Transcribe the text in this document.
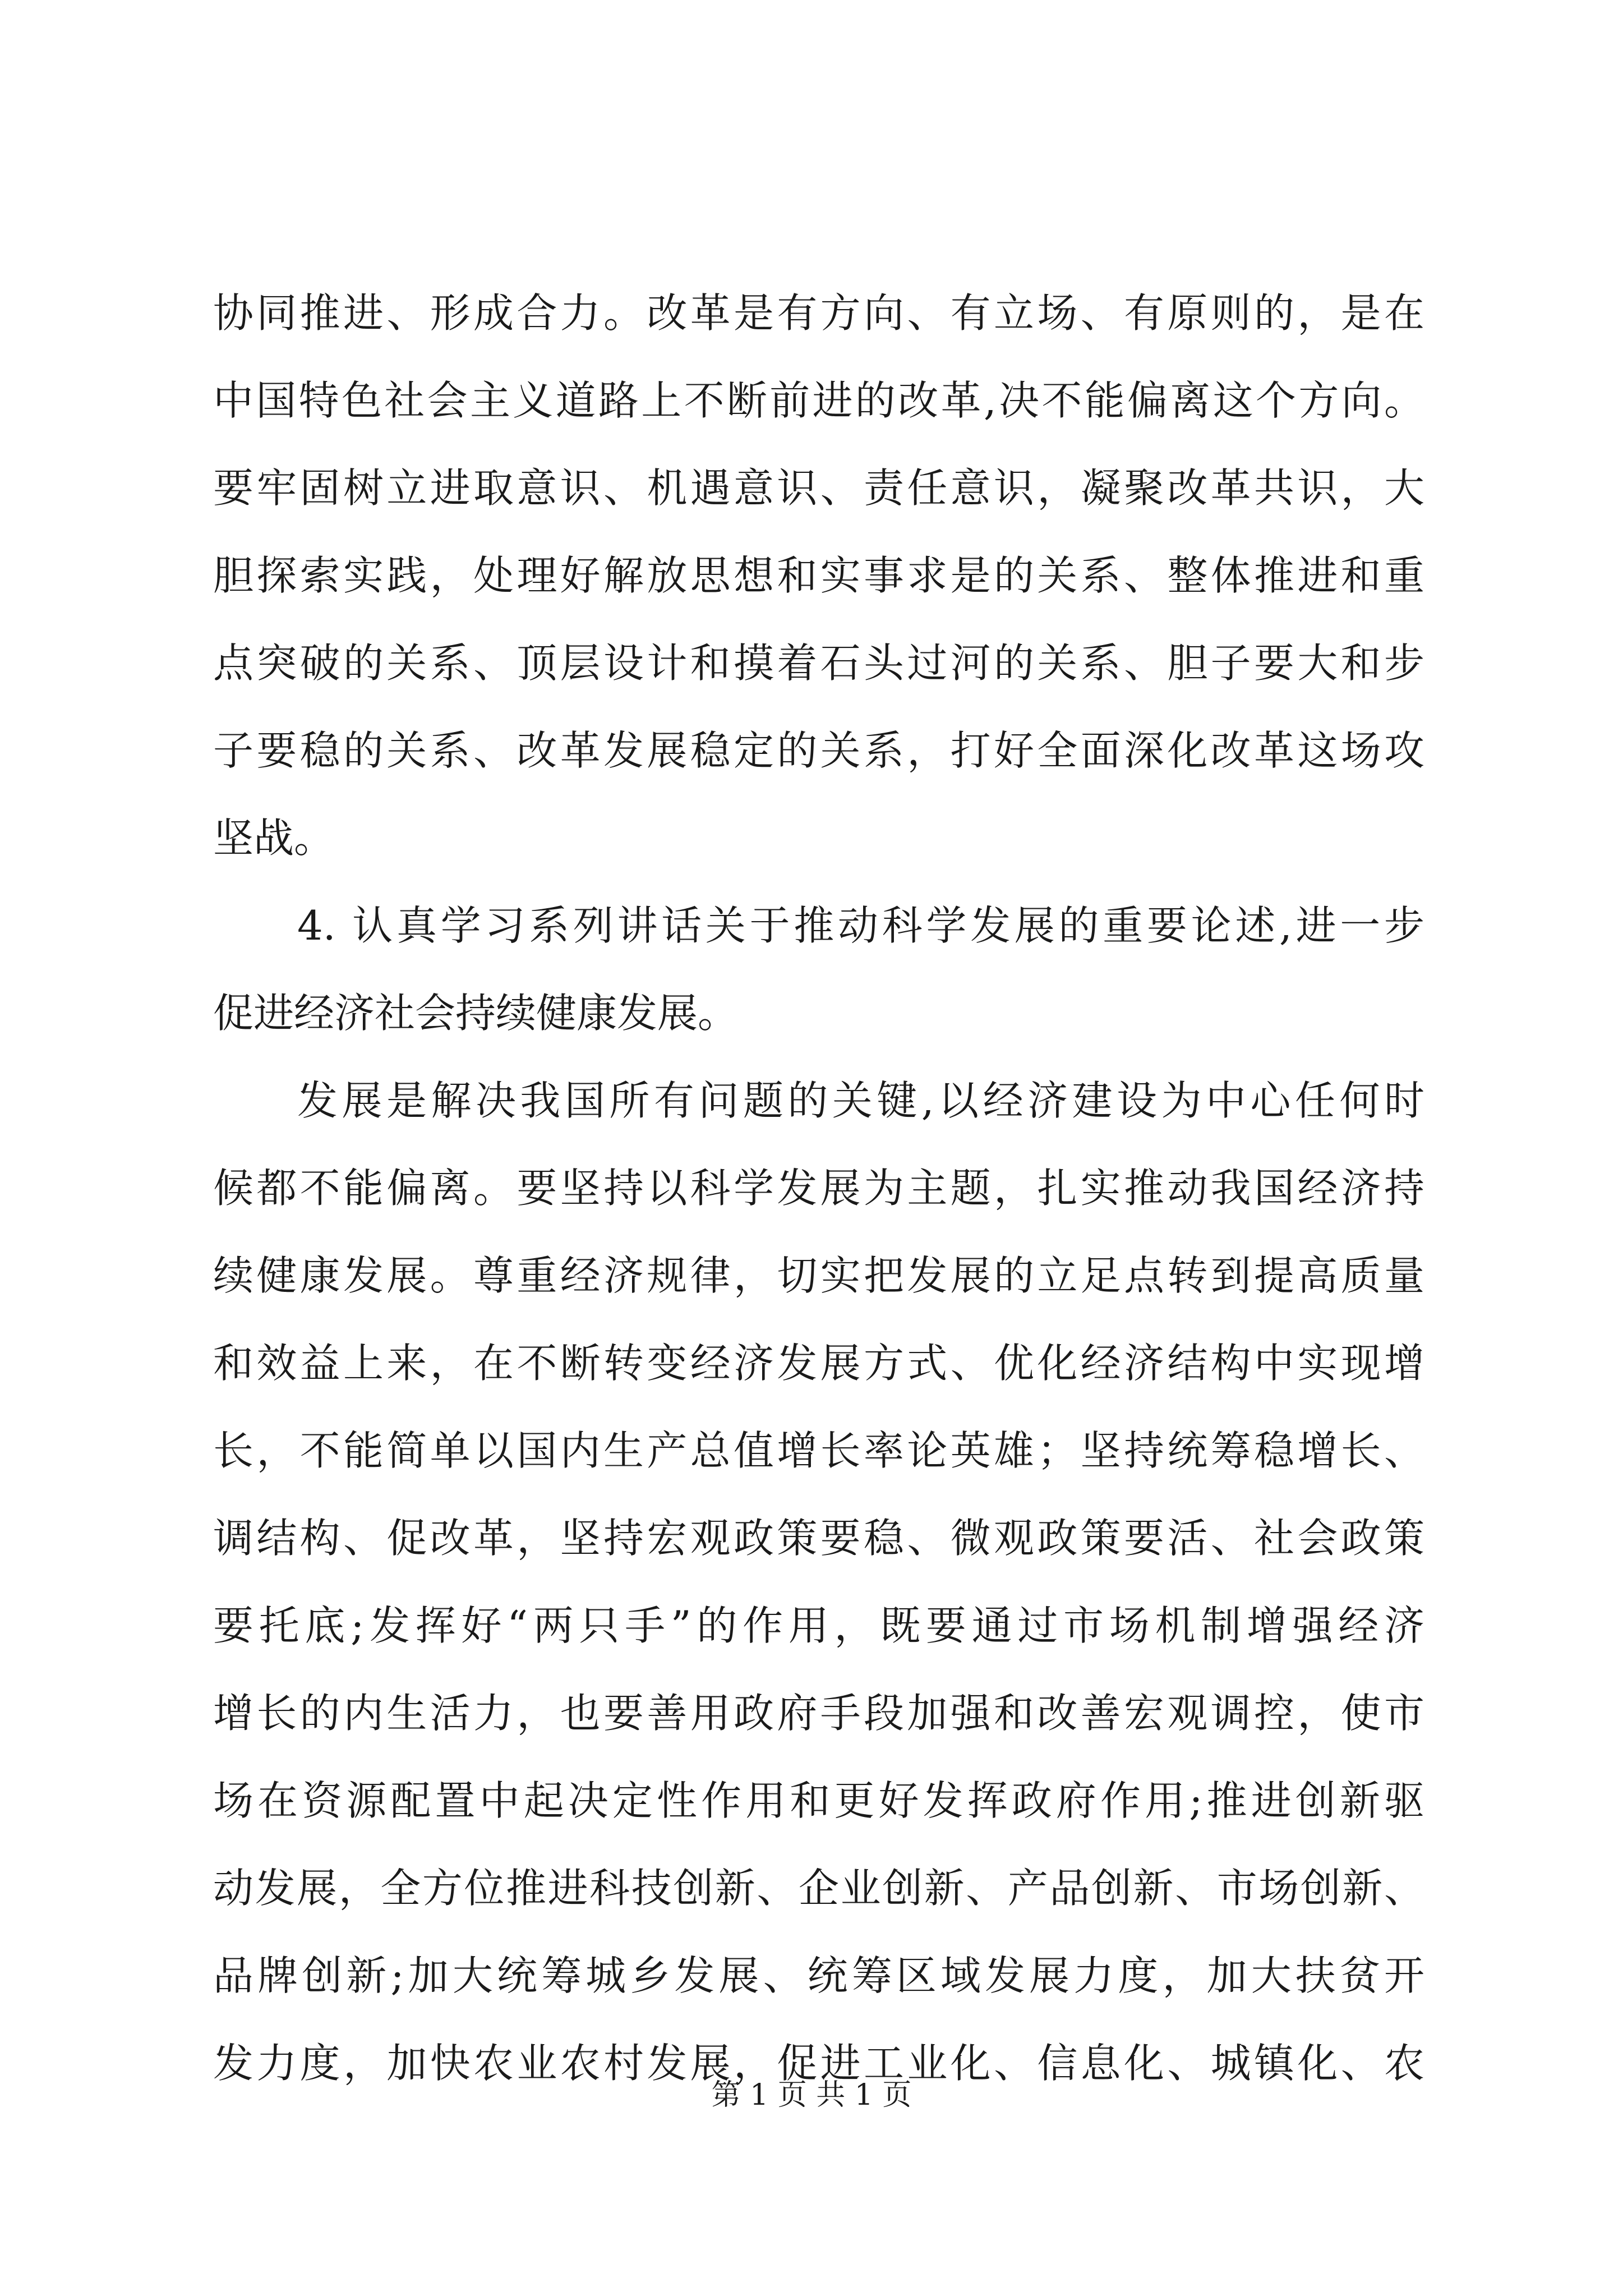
协同推进、形成合力。改革是有方向、有立场、有原则的，是在
中国特色社会主义道路上不断前进的改革,决不能偏离这个方向。
要牢固树立进取意识、机遇意识、责任意识，凝聚改革共识，大
胆探索实践，处理好解放思想和实事求是的关系、整体推进和重
点突破的关系、顶层设计和摸着石头过河的关系、胆子要大和步
子要稳的关系、改革发展稳定的关系，打好全面深化改革这场攻
坚战。
4. 认真学习系列讲话关于推动科学发展的重要论述,进一步
促进经济社会持续健康发展。
发展是解决我国所有问题的关键,以经济建设为中心任何时
候都不能偏离。要坚持以科学发展为主题，扎实推动我国经济持
续健康发展。尊重经济规律，切实把发展的立足点转到提高质量
和效益上来，在不断转变经济发展方式、优化经济结构中实现增
长，不能简单以国内生产总值增长率论英雄；坚持统筹稳增长、
调结构、促改革，坚持宏观政策要稳、微观政策要活、社会政策
要托底;发挥好“两只手”的作用，既要通过市场机制增强经济
增长的内生活力，也要善用政府手段加强和改善宏观调控，使市
场在资源配置中起决定性作用和更好发挥政府作用;推进创新驱
动发展，全方位推进科技创新、企业创新、产品创新、市场创新、
品牌创新;加大统筹城乡发展、统筹区域发展力度，加大扶贫开
发力度，加快农业农村发展，促进工业化、信息化、城镇化、农
第 1 页 共 1 页
